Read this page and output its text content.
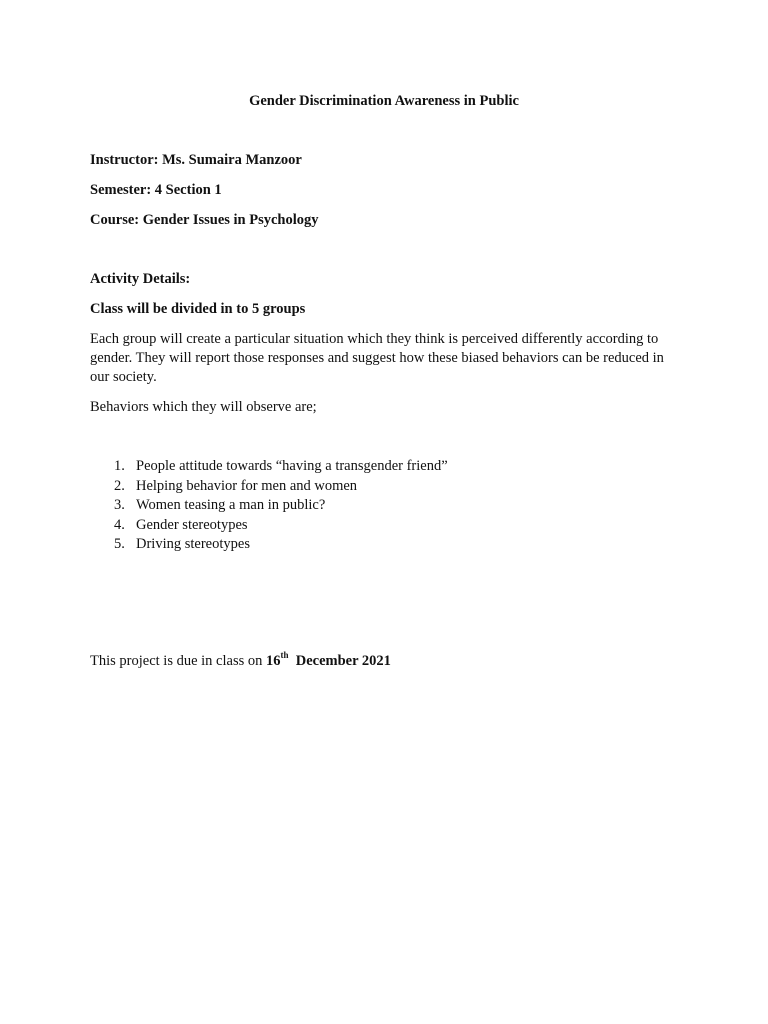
Gender Discrimination Awareness in Public
Instructor: Ms. Sumaira Manzoor
Semester: 4 Section 1
Course: Gender Issues in Psychology
Activity Details:
Class will be divided in to 5 groups
Each group will create a particular situation which they think is perceived differently according to gender. They will report those responses and suggest how these biased behaviors can be reduced in our society.
Behaviors which they will observe are;
1. People attitude towards “having a transgender friend”
2. Helping behavior for men and women
3. Women teasing a man in public?
4. Gender stereotypes
5. Driving stereotypes
This project is due in class on 16th December 2021
